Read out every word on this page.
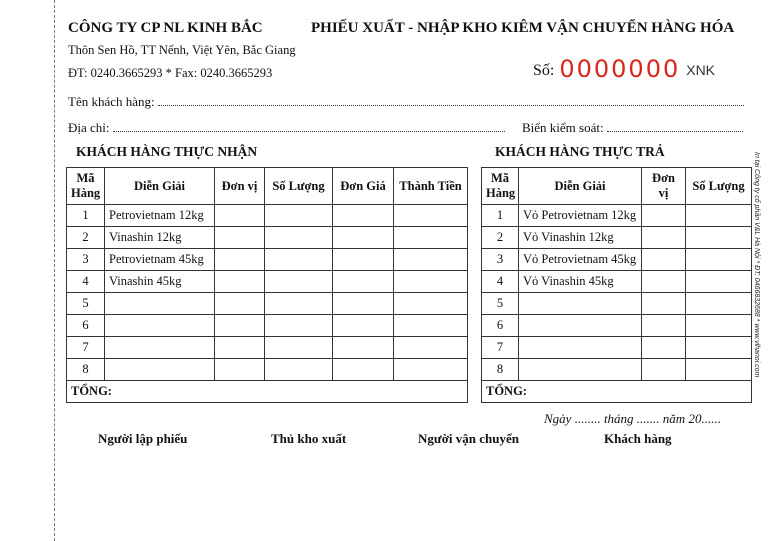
CÔNG TY CP NL KINH BẮC
Thôn Sen Hồ, TT Nếnh, Việt Yên, Bắc Giang
ĐT: 0240.3665293 * Fax: 0240.3665293
PHIẾU XUẤT - NHẬP KHO KIÊM VẬN CHUYỂN HÀNG HÓA
Số: 0000000 XNK
Tên khách hàng:
Địa chỉ:	Biển kiểm soát:
KHÁCH HÀNG THỰC NHẬN	KHÁCH HÀNG THỰC TRẢ
Mã
Hàng	Diễn Giải	Đơn vị	Số Lượng	Đơn Giá	Thành Tiền
1	Petrovietnam 12kg				
2	Vinashin 12kg				
3	Petrovietnam 45kg				
4	Vinashin 45kg				
5					
6					
7					
8					
TỔNG:					
Mã
Hàng	Diễn Giải	Đơn vị	Số Lượng
1	Vỏ Petrovietnam 12kg		
2	Vỏ Vinashin 12kg		
3	Vỏ Petrovietnam 45kg		
4	Vỏ Vinashin 45kg		
5			
6			
7			
8			
TỔNG:			
Ngày ........ tháng ....... năm 20......
Người lập phiếu	Thủ kho xuất	Người vận chuyển	Khách hàng
In tại Công ty cổ phần V&L Hà Nội * ĐT: 0466832688 * www.vlhanoi.com
